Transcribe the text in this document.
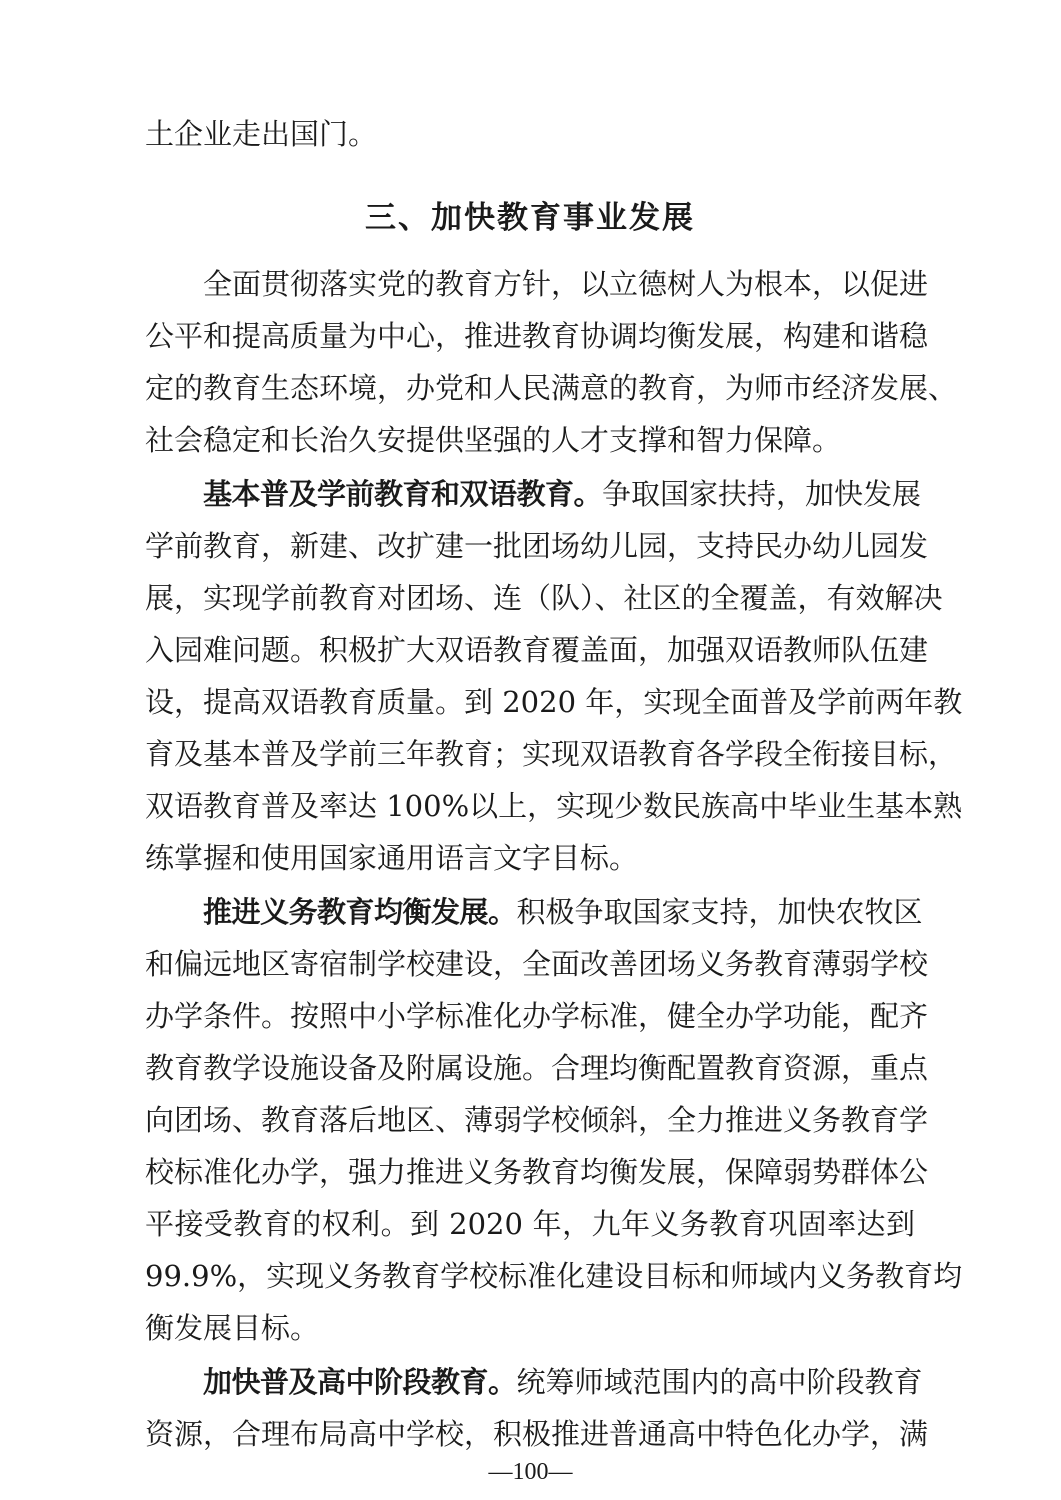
土企业走出国门。
三、加快教育事业发展
全面贯彻落实党的教育方针，以立德树人为根本，以促进
公平和提高质量为中心，推进教育协调均衡发展，构建和谐稳
定的教育生态环境，办党和人民满意的教育，为师市经济发展、
社会稳定和长治久安提供坚强的人才支撑和智力保障。
基本普及学前教育和双语教育。争取国家扶持，加快发展
学前教育，新建、改扩建一批团场幼儿园，支持民办幼儿园发
展，实现学前教育对团场、连（队）、社区的全覆盖，有效解决
入园难问题。积极扩大双语教育覆盖面，加强双语教师队伍建
设，提高双语教育质量。到 2020 年，实现全面普及学前两年教
育及基本普及学前三年教育；实现双语教育各学段全衔接目标，
双语教育普及率达 100%以上，实现少数民族高中毕业生基本熟
练掌握和使用国家通用语言文字目标。
推进义务教育均衡发展。积极争取国家支持，加快农牧区
和偏远地区寄宿制学校建设，全面改善团场义务教育薄弱学校
办学条件。按照中小学标准化办学标准，健全办学功能，配齐
教育教学设施设备及附属设施。合理均衡配置教育资源，重点
向团场、教育落后地区、薄弱学校倾斜，全力推进义务教育学
校标准化办学，强力推进义务教育均衡发展，保障弱势群体公
平接受教育的权利。到 2020 年，九年义务教育巩固率达到
99.9%，实现义务教育学校标准化建设目标和师域内义务教育均
衡发展目标。
加快普及高中阶段教育。统筹师域范围内的高中阶段教育
资源，合理布局高中学校，积极推进普通高中特色化办学，满
—100—
